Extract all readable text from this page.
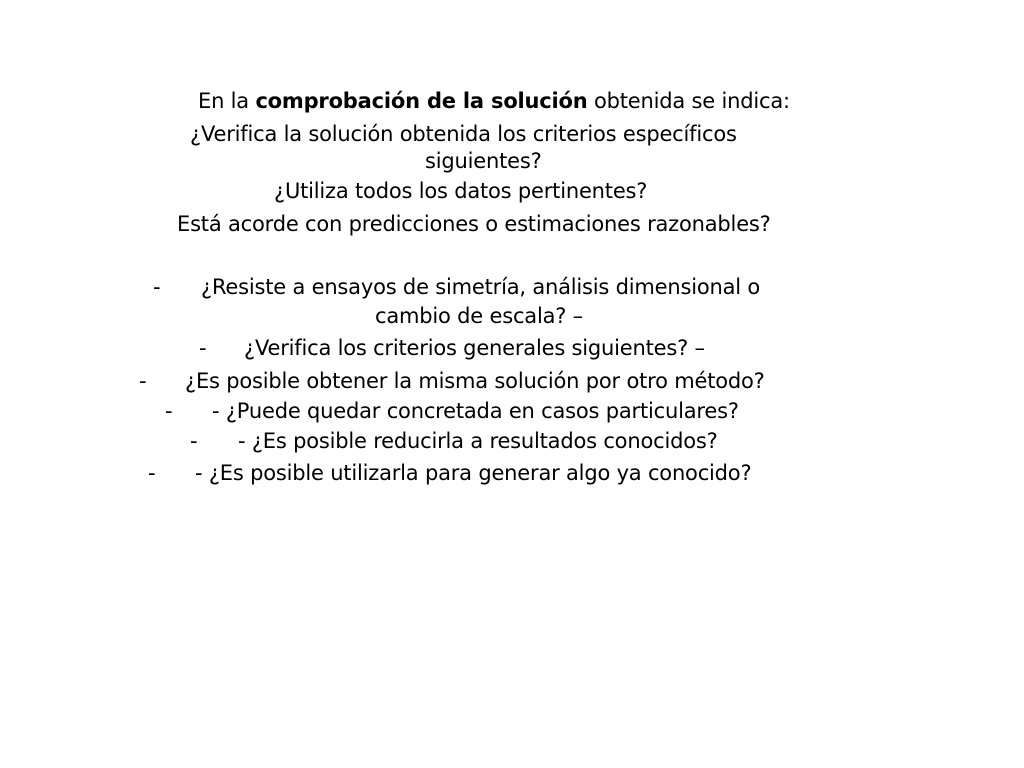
En la comprobación de la solución obtenida se indica:
¿Verifica la solución obtenida los criterios específicos
siguientes?
¿Utiliza todos los datos pertinentes?
Está acorde con predicciones o estimaciones razonables?
- ¿Resiste a ensayos de simetría, análisis dimensional o
cambio de escala? –
- ¿Verifica los criterios generales siguientes? –
- ¿Es posible obtener la misma solución por otro método?
- - ¿Puede quedar concretada en casos particulares?
- - ¿Es posible reducirla a resultados conocidos?
- - ¿Es posible utilizarla para generar algo ya conocido?
